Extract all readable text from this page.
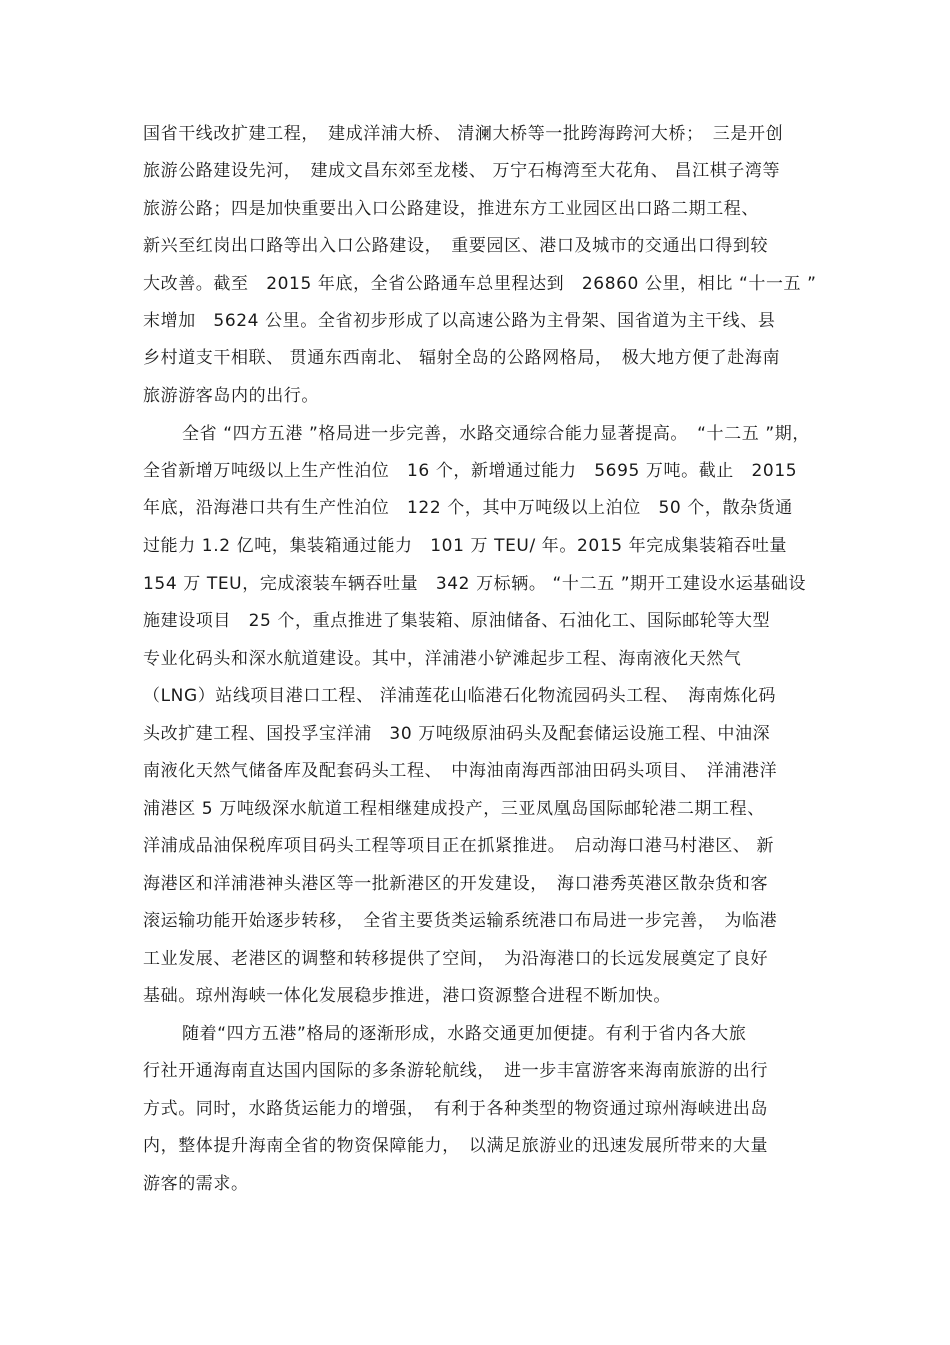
国省干线改扩建工程，　建成洋浦大桥、 清澜大桥等一批跨海跨河大桥；　三是开创
旅游公路建设先河，　建成文昌东郊至龙楼、 万宁石梅湾至大花角、 昌江棋子湾等
旅游公路；四是加快重要出入口公路建设，推进东方工业园区出口路二期工程、
新兴至红岗出口路等出入口公路建设，　重要园区、港口及城市的交通出口得到较
大改善。截至　2015 年底，全省公路通车总里程达到　26860 公里，相比 “十一五 ”
末增加　5624 公里。全省初步形成了以高速公路为主骨架、国省道为主干线、县
乡村道支干相联、 贯通东西南北、 辐射全岛的公路网格局，　极大地方便了赴海南
旅游游客岛内的出行。
全省 “四方五港 ”格局进一步完善，水路交通综合能力显著提高。　“十二五 ”期，
全省新增万吨级以上生产性泊位　16 个，新增通过能力　5695 万吨。截止　2015
年底，沿海港口共有生产性泊位　122 个，其中万吨级以上泊位　50 个，散杂货通
过能力 1.2 亿吨，集装箱通过能力　101 万 TEU/ 年。2015 年完成集装箱吞吐量
154 万 TEU，完成滚装车辆吞吐量　342 万标辆。 “十二五 ”期开工建设水运基础设
施建设项目　25 个，重点推进了集装箱、原油储备、石油化工、国际邮轮等大型
专业化码头和深水航道建设。其中，洋浦港小铲滩起步工程、海南液化天然气
（LNG）站线项目港口工程、 洋浦莲花山临港石化物流园码头工程、　海南炼化码
头改扩建工程、国投孚宝洋浦　30 万吨级原油码头及配套储运设施工程、中油深
南液化天然气储备库及配套码头工程、　中海油南海西部油田码头项目、　洋浦港洋
浦港区 5 万吨级深水航道工程相继建成投产，三亚凤凰岛国际邮轮港二期工程、
洋浦成品油保税库项目码头工程等项目正在抓紧推进。　启动海口港马村港区、 新
海港区和洋浦港神头港区等一批新港区的开发建设，　海口港秀英港区散杂货和客
滚运输功能开始逐步转移，　全省主要货类运输系统港口布局进一步完善，　为临港
工业发展、老港区的调整和转移提供了空间，　为沿海港口的长远发展奠定了良好
基础。琼州海峡一体化发展稳步推进，港口资源整合进程不断加快。
随着“四方五港”格局的逐渐形成，水路交通更加便捷。有利于省内各大旅
行社开通海南直达国内国际的多条游轮航线，　进一步丰富游客来海南旅游的出行
方式。同时，水路货运能力的增强，　有利于各种类型的物资通过琼州海峡进出岛
内，整体提升海南全省的物资保障能力，　以满足旅游业的迅速发展所带来的大量
游客的需求。
